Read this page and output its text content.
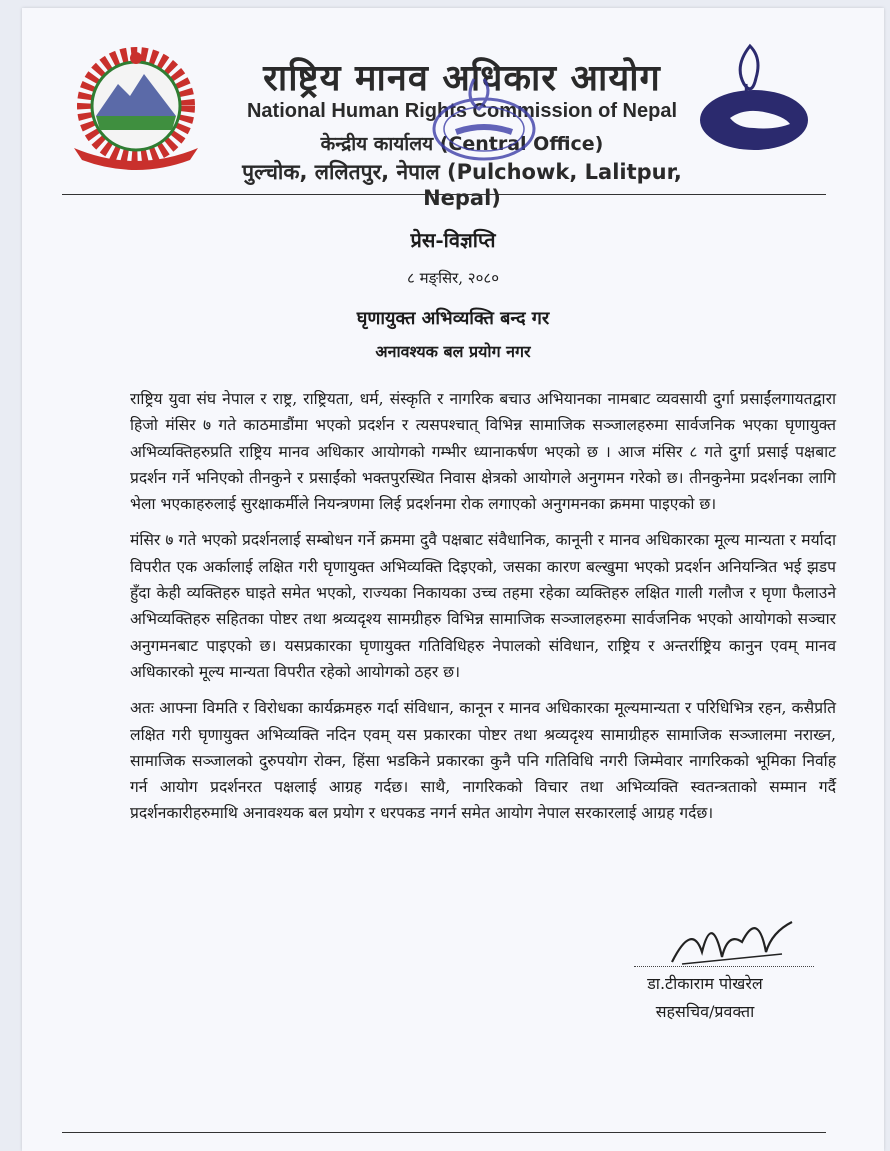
राष्ट्रिय मानव अधिकार आयोग
National Human Rights Commission of Nepal
केन्द्रीय कार्यालय (Central Office)
पुल्चोक, ललितपुर, नेपाल (Pulchowk, Lalitpur, Nepal)
प्रेस-विज्ञप्ति
८ मङ्सिर, २०८०
घृणायुक्त अभिव्यक्ति बन्द गर
अनावश्यक बल प्रयोग नगर

राष्ट्रिय युवा संघ नेपाल र राष्ट्र, राष्ट्रियता, धर्म, संस्कृति र नागरिक बचाउ अभियानका नामबाट व्यवसायी दुर्गा प्रसाईंलगायतद्वारा हिजो मंसिर ७ गते काठमाडौंमा भएको प्रदर्शन र त्यसपश्चात् विभिन्न सामाजिक सञ्जालहरुमा सार्वजनिक भएका घृणायुक्त अभिव्यक्तिहरुप्रति राष्ट्रिय मानव अधिकार आयोगको गम्भीर ध्यानाकर्षण भएको छ । आज मंसिर ८ गते दुर्गा प्रसाई पक्षबाट प्रदर्शन गर्ने भनिएको तीनकुने र प्रसाईंको भक्तपुरस्थित निवास क्षेत्रको आयोगले अनुगमन गरेको छ। तीनकुनेमा प्रदर्शनका लागि भेला भएकाहरुलाई सुरक्षाकर्मीले नियन्त्रणमा लिई प्रदर्शनमा रोक लगाएको अनुगमनका क्रममा पाइएको छ।

मंसिर ७ गते भएको प्रदर्शनलाई सम्बोधन गर्ने क्रममा दुवै पक्षबाट संवैधानिक, कानूनी र मानव अधिकारका मूल्य मान्यता र मर्यादा विपरीत एक अर्कालाई लक्षित गरी घृणायुक्त अभिव्यक्ति दिइएको, जसका कारण बल्खुमा भएको प्रदर्शन अनियन्त्रित भई झडप हुँदा केही व्यक्तिहरु घाइते समेत भएको, राज्यका निकायका उच्च तहमा रहेका व्यक्तिहरु लक्षित गाली गलौज र घृणा फैलाउने अभिव्यक्तिहरु सहितका पोष्टर तथा श्रव्यदृश्य सामग्रीहरु विभिन्न सामाजिक सञ्जालहरुमा सार्वजनिक भएको आयोगको सञ्चार अनुगमनबाट पाइएको छ। यसप्रकारका घृणायुक्त गतिविधिहरु नेपालको संविधान, राष्ट्रिय र अन्तर्राष्ट्रिय कानुन एवम् मानव अधिकारको मूल्य मान्यता विपरीत रहेको आयोगको ठहर छ।

अतः आफ्ना विमति र विरोधका कार्यक्रमहरु गर्दा संविधान, कानून र मानव अधिकारका मूल्यमान्यता र परिधिभित्र रहन, कसैप्रति लक्षित गरी घृणायुक्त अभिव्यक्ति नदिन एवम् यस प्रकारका पोष्टर तथा श्रव्यदृश्य सामाग्रीहरु सामाजिक सञ्जालमा नराख्न, सामाजिक सञ्जालको दुरुपयोग रोक्न, हिंसा भडकिने प्रकारका कुनै पनि गतिविधि नगरी जिम्मेवार नागरिकको भूमिका निर्वाह गर्न आयोग प्रदर्शनरत पक्षलाई आग्रह गर्दछ। साथै, नागरिकको विचार तथा अभिव्यक्ति स्वतन्त्रताको सम्मान गर्दै प्रदर्शनकारीहरुमाथि अनावश्यक बल प्रयोग र धरपकड नगर्न समेत आयोग नेपाल सरकारलाई आग्रह गर्दछ।

डा.टीकाराम पोखरेल
सहसचिव/प्रवक्ता
